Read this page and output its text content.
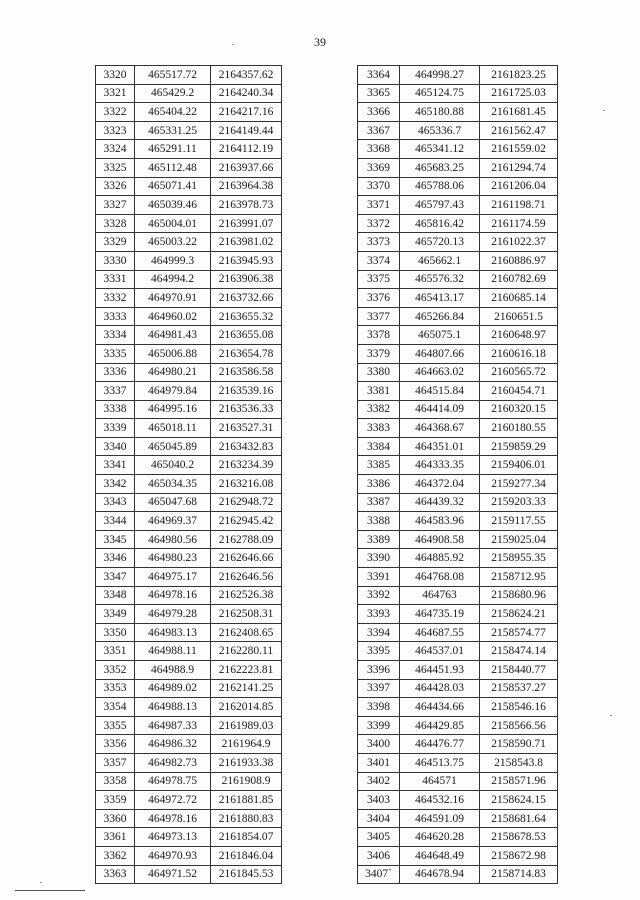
39
3320	465517.72	2164357.62
3321	465429.2	2164240.34
3322	465404.22	2164217.16
3323	465331.25	2164149.44
3324	465291.11	2164112.19
3325	465112.48	2163937.66
3326	465071.41	2163964.38
3327	465039.46	2163978.73
3328	465004.01	2163991.07
3329	465003.22	2163981.02
3330	464999.3	2163945.93
3331	464994.2	2163906.38
3332	464970.91	2163732.66
3333	464960.02	2163655.32
3334	464981.43	2163655.08
3335	465006.88	2163654.78
3336	464980.21	2163586.58
3337	464979.84	2163539.16
3338	464995.16	2163536.33
3339	465018.11	2163527.31
3340	465045.89	2163432.83
3341	465040.2	2163234.39
3342	465034.35	2163216.08
3343	465047.68	2162948.72
3344	464969.37	2162945.42
3345	464980.56	2162788.09
3346	464980.23	2162646.66
3347	464975.17	2162646.56
3348	464978.16	2162526.38
3349	464979.28	2162508.31
3350	464983.13	2162408.65
3351	464988.11	2162280.11
3352	464988.9	2162223.81
3353	464989.02	2162141.25
3354	464988.13	2162014.85
3355	464987.33	2161989.03
3356	464986.32	2161964.9
3357	464982.73	2161933.38
3358	464978.75	2161908.9
3359	464972.72	2161881.85
3360	464978.16	2161880.83
3361	464973.13	2161854.07
3362	464970.93	2161846.04
3363	464971.52	2161845.53
3364	464998.27	2161823.25
3365	465124.75	2161725.03
3366	465180.88	2161681.45
3367	465336.7	2161562.47
3368	465341.12	2161559.02
3369	465683.25	2161294.74
3370	465788.06	2161206.04
3371	465797.43	2161198.71
3372	465816.42	2161174.59
3373	465720.13	2161022.37
3374	465662.1	2160886.97
3375	465576.32	2160782.69
3376	465413.17	2160685.14
3377	465266.84	2160651.5
3378	465075.1	2160648.97
3379	464807.66	2160616.18
3380	464663.02	2160565.72
3381	464515.84	2160454.71
3382	464414.09	2160320.15
3383	464368.67	2160180.55
3384	464351.01	2159859.29
3385	464333.35	2159406.01
3386	464372.04	2159277.34
3387	464439.32	2159203.33
3388	464583.96	2159117.55
3389	464908.58	2159025.04
3390	464885.92	2158955.35
3391	464768.08	2158712.95
3392	464763	2158680.96
3393	464735.19	2158624.21
3394	464687.55	2158574.77
3395	464537.01	2158474.14
3396	464451.93	2158440.77
3397	464428.03	2158537.27
3398	464434.66	2158546.16
3399	464429.85	2158566.56
3400	464476.77	2158590.71
3401	464513.75	2158543.8
3402	464571	2158571.96
3403	464532.16	2158624.15
3404	464591.09	2158681.64
3405	464620.28	2158678.53
3406	464648.49	2158672.98
3407`	464678.94	2158714.83
